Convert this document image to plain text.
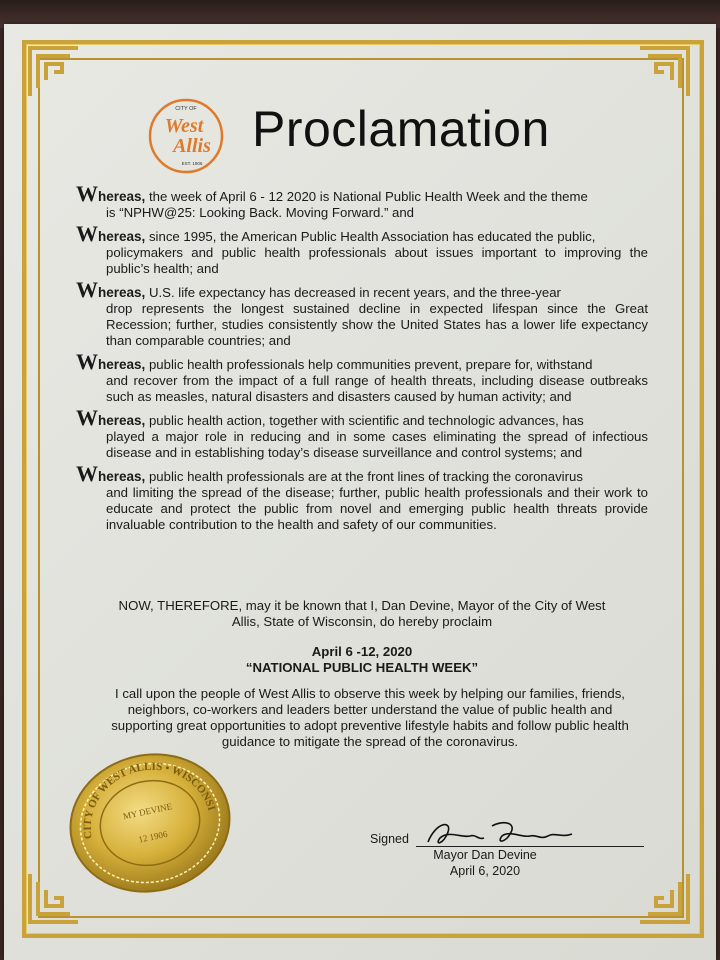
CITY OF
West
Allis
EST. 1906
Proclamation
Whereas, the week of April 6 - 12 2020 is National Public Health Week and the theme
is “NPHW@25: Looking Back. Moving Forward.” and
Whereas, since 1995, the American Public Health Association has educated the public,
policymakers and public health professionals about issues important to improving the public’s health; and
Whereas, U.S. life expectancy has decreased in recent years, and the three-year
drop represents the longest sustained decline in expected lifespan since the Great Recession; further, studies consistently show the United States has a lower life expectancy than comparable countries; and
Whereas, public health professionals help communities prevent, prepare for, withstand
and recover from the impact of a full range of health threats, including disease outbreaks such as measles, natural disasters and disasters caused by human activity; and
Whereas, public health action, together with scientific and technologic advances, has
played a major role in reducing and in some cases eliminating the spread of infectious disease and in establishing today’s disease surveillance and control systems; and
Whereas, public health professionals are at the front lines of tracking the coronavirus
and limiting the spread of the disease; further, public health professionals and their work to educate and protect the public from novel and emerging public health threats provide invaluable contribution to the health and safety of our communities.
NOW, THEREFORE, may it be known that I, Dan Devine, Mayor of the City of West
Allis, State of Wisconsin, do hereby proclaim
April 6 -12, 2020
“NATIONAL PUBLIC HEALTH WEEK”
I call upon the people of West Allis to observe this week by helping our families, friends, neighbors, co-workers and leaders better understand the value of public health and supporting great opportunities to adopt preventive lifestyle habits and follow public health guidance to mitigate the spread of the coronavirus.
CITY OF WEST ALLIS • WISCONSIN
MY DEVINE
12 1906	Signed
Mayor Dan Devine
April 6, 2020
